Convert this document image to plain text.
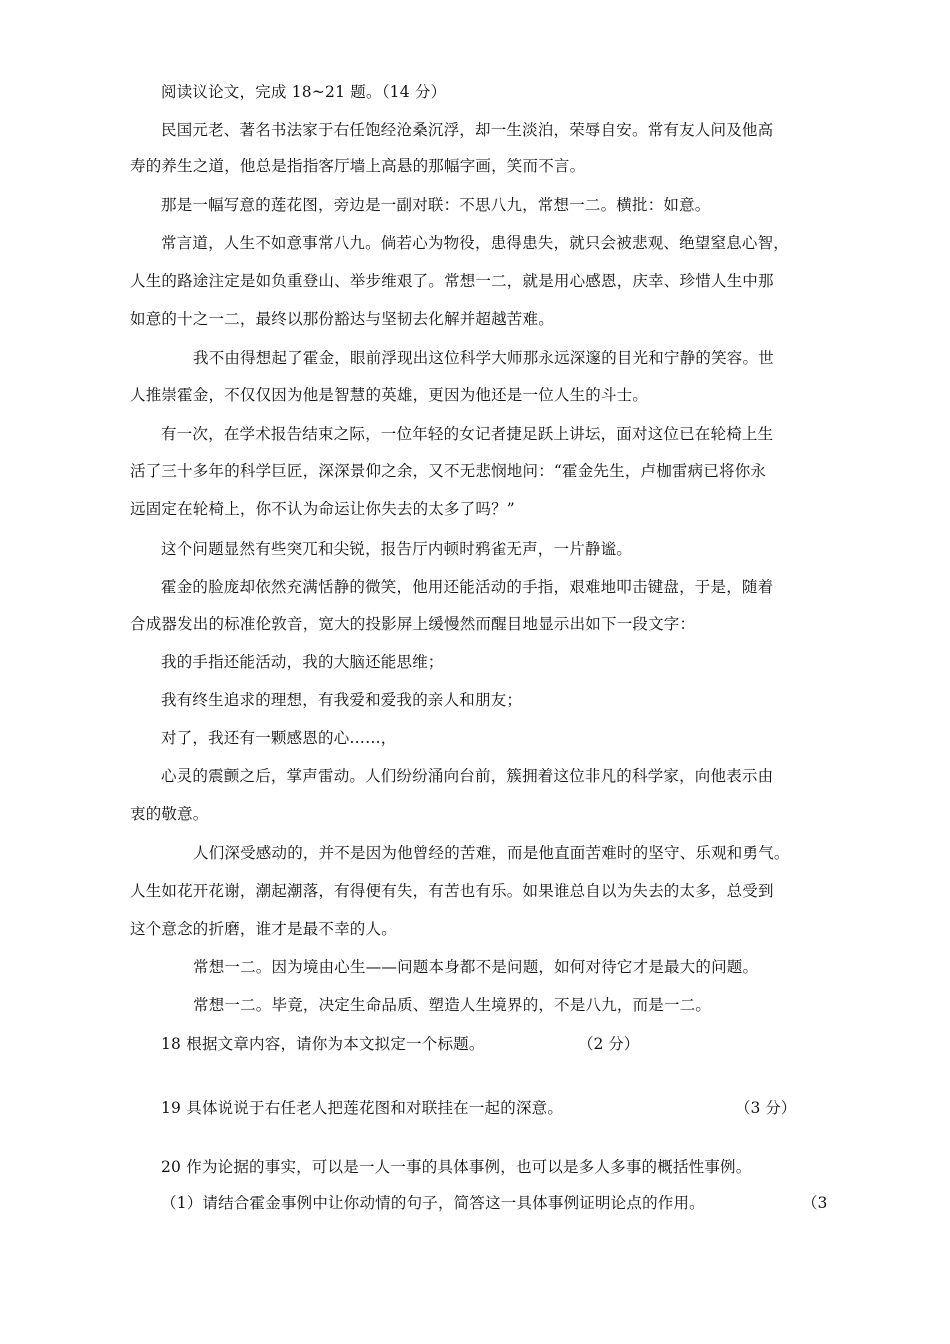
阅读议论文，完成 18~21 题。（14 分）
民国元老、著名书法家于右任饱经沧桑沉浮，却一生淡泊，荣辱自安。常有友人问及他高
寿的养生之道，他总是指指客厅墙上高悬的那幅字画，笑而不言。
那是一幅写意的莲花图，旁边是一副对联：不思八九，常想一二。横批：如意。
常言道，人生不如意事常八九。倘若心为物役，患得患失，就只会被悲观、绝望窒息心智，
人生的路途注定是如负重登山、举步维艰了。常想一二，就是用心感恩，庆幸、珍惜人生中那
如意的十之一二，最终以那份豁达与坚韧去化解并超越苦难。
我不由得想起了霍金，眼前浮现出这位科学大师那永远深邃的目光和宁静的笑容。世
人推崇霍金，不仅仅因为他是智慧的英雄，更因为他还是一位人生的斗士。
有一次，在学术报告结束之际，一位年轻的女记者捷足跃上讲坛，面对这位已在轮椅上生
活了三十多年的科学巨匠，深深景仰之余，又不无悲悯地问：“霍金先生，卢枷雷病已将你永
远固定在轮椅上，你不认为命运让你失去的太多了吗？”
这个问题显然有些突兀和尖锐，报告厅内顿时鸦雀无声，一片静谧。
霍金的脸庞却依然充满恬静的微笑，他用还能活动的手指，艰难地叩击键盘，于是，随着
合成器发出的标准伦敦音，宽大的投影屏上缓慢然而醒目地显示出如下一段文字：
我的手指还能活动，我的大脑还能思维；
我有终生追求的理想，有我爱和爱我的亲人和朋友；
对了，我还有一颗感恩的心……，
心灵的震颤之后，掌声雷动。人们纷纷涌向台前，簇拥着这位非凡的科学家，向他表示由
衷的敬意。
人们深受感动的，并不是因为他曾经的苦难，而是他直面苦难时的坚守、乐观和勇气。
人生如花开花谢，潮起潮落，有得便有失，有苦也有乐。如果谁总自以为失去的太多，总受到
这个意念的折磨，谁才是最不幸的人。
常想一二。因为境由心生——问题本身都不是问题，如何对待它才是最大的问题。
常想一二。毕竟，决定生命品质、塑造人生境界的，不是八九，而是一二。
18 根据文章内容，请你为本文拟定一个标题。	（2 分）
19 具体说说于右任老人把莲花图和对联挂在一起的深意。	（3 分）
20 作为论据的事实，可以是一人一事的具体事例，也可以是多人多事的概括性事例。
（1）请结合霍金事例中让你动情的句子，简答这一具体事例证明论点的作用。	（3
